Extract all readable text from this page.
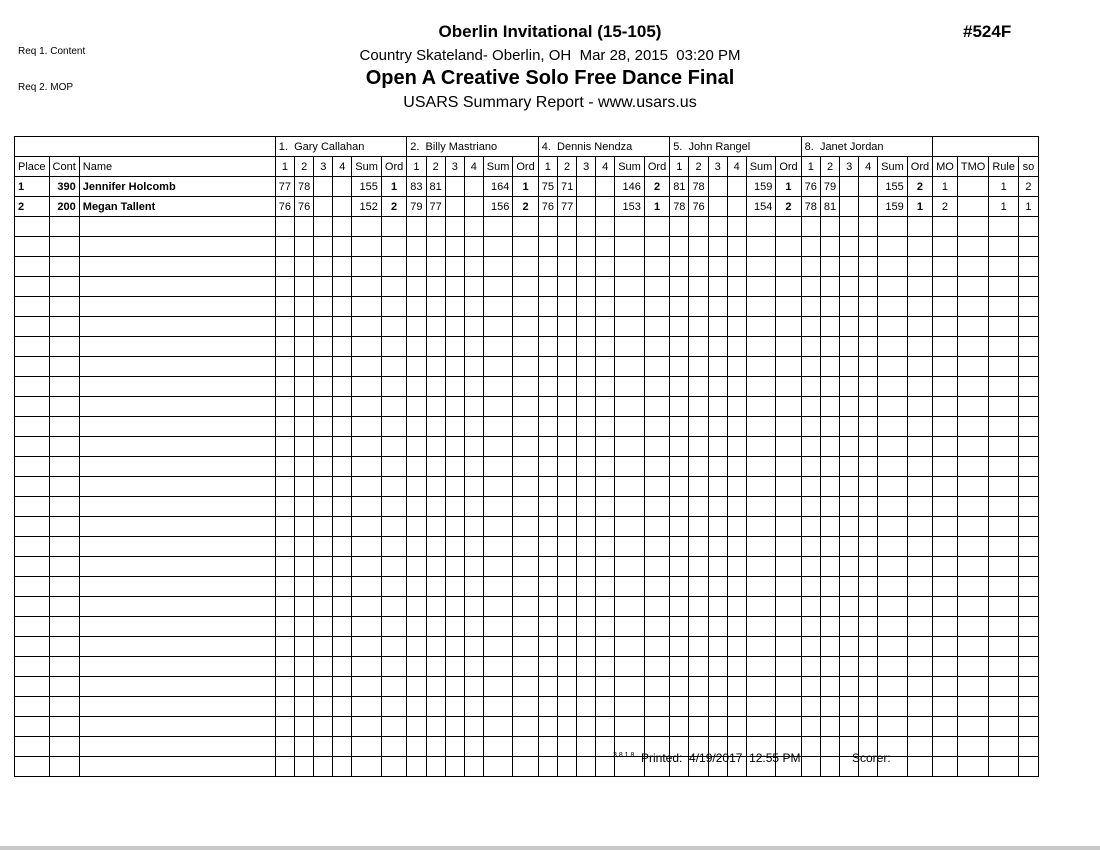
Req 1. Content

Req 2. MOP

#524F
Oberlin Invitational (15-105)
Country Skateland- Oberlin, OH  Mar 28, 2015  03:20 PM
Open A Creative Solo Free Dance Final
USARS Summary Report - www.usars.us
			1.  Gary Callahan						2.  Billy Mastriano						4.  Dennis Nendza						5.  John Rangel						8.  Janet Jordan									
Place	Cont	Name	1	2	3	4	Sum	Ord	1	2	3	4	Sum	Ord	1	2	3	4	Sum	Ord	1	2	3	4	Sum	Ord	1	2	3	4	Sum	Ord	MO	TMO	Rule	so
1	390	Jennifer Holcomb	77	78			155	1	83	81			164	1	75	71			146	2	81	78			159	1	76	79			155	2	1		1	2
2	200	Megan Tallent	76	76			152	2	79	77			156	2	76	77			153	1	78	76			154	2	78	81			159	1	2		1	1

3.8.1.8 Printed:  4/19/2017  12:55 PM	Scorer:
